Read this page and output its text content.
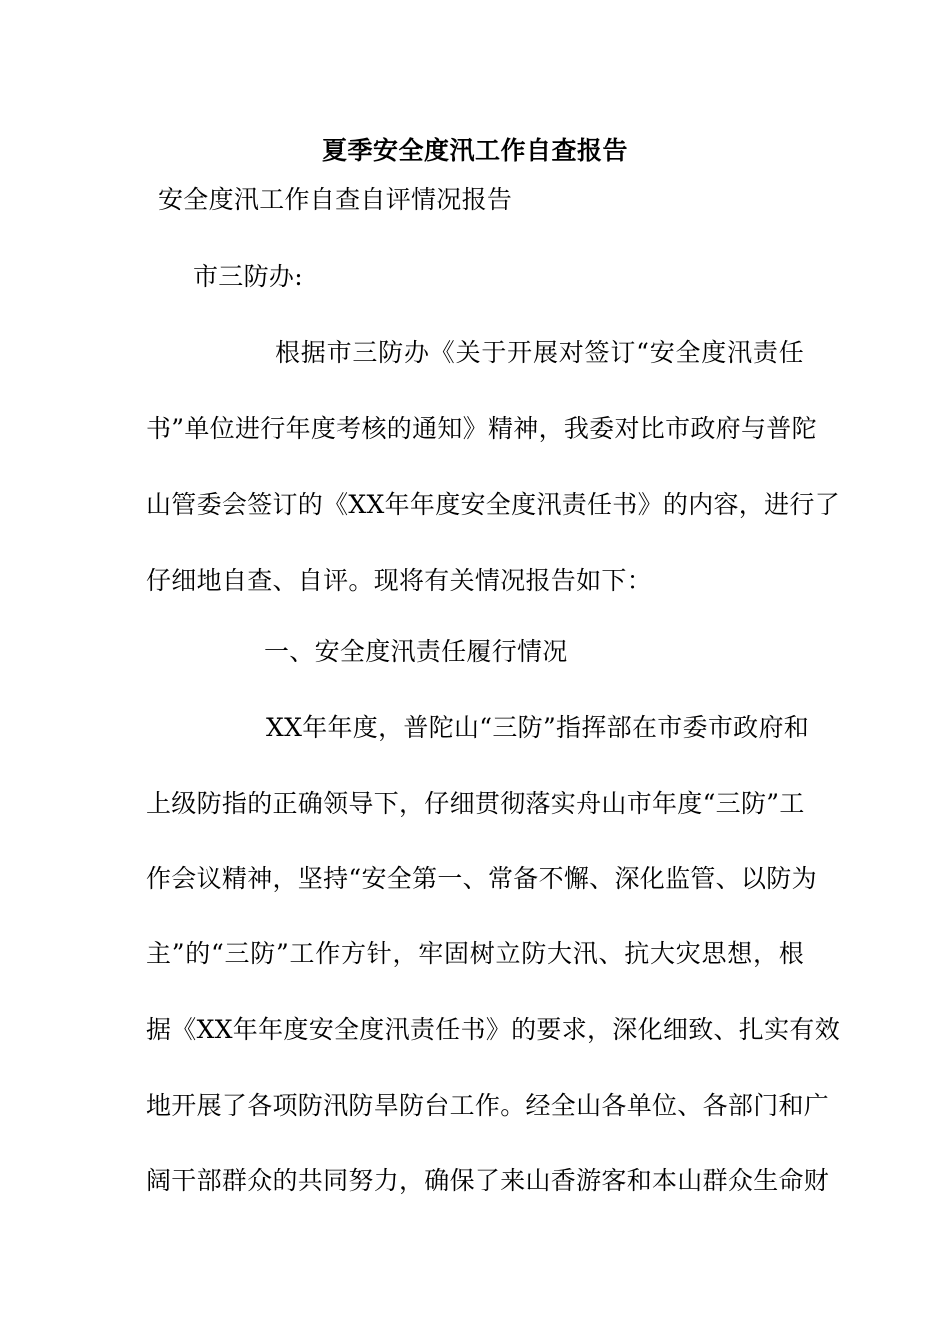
夏季安全度汛工作自查报告
安全度汛工作自查自评情况报告
市三防办:
根据市三防办《关于开展对签订“安全度汛责任
书”单位进行年度考核的通知》精神，我委对比市政府与普陀
山管委会签订的《XX年年度安全度汛责任书》的内容，进行了
仔细地自查、自评。现将有关情况报告如下：
一、安全度汛责任履行情况
XX年年度，普陀山“三防”指挥部在市委市政府和
上级防指的正确领导下，仔细贯彻落实舟山市年度“三防”工
作会议精神，坚持“安全第一、常备不懈、深化监管、以防为
主”的“三防”工作方针，牢固树立防大汛、抗大灾思想，根
据《XX年年度安全度汛责任书》的要求，深化细致、扎实有效
地开展了各项防汛防旱防台工作。经全山各单位、各部门和广
阔干部群众的共同努力，确保了来山香游客和本山群众生命财
